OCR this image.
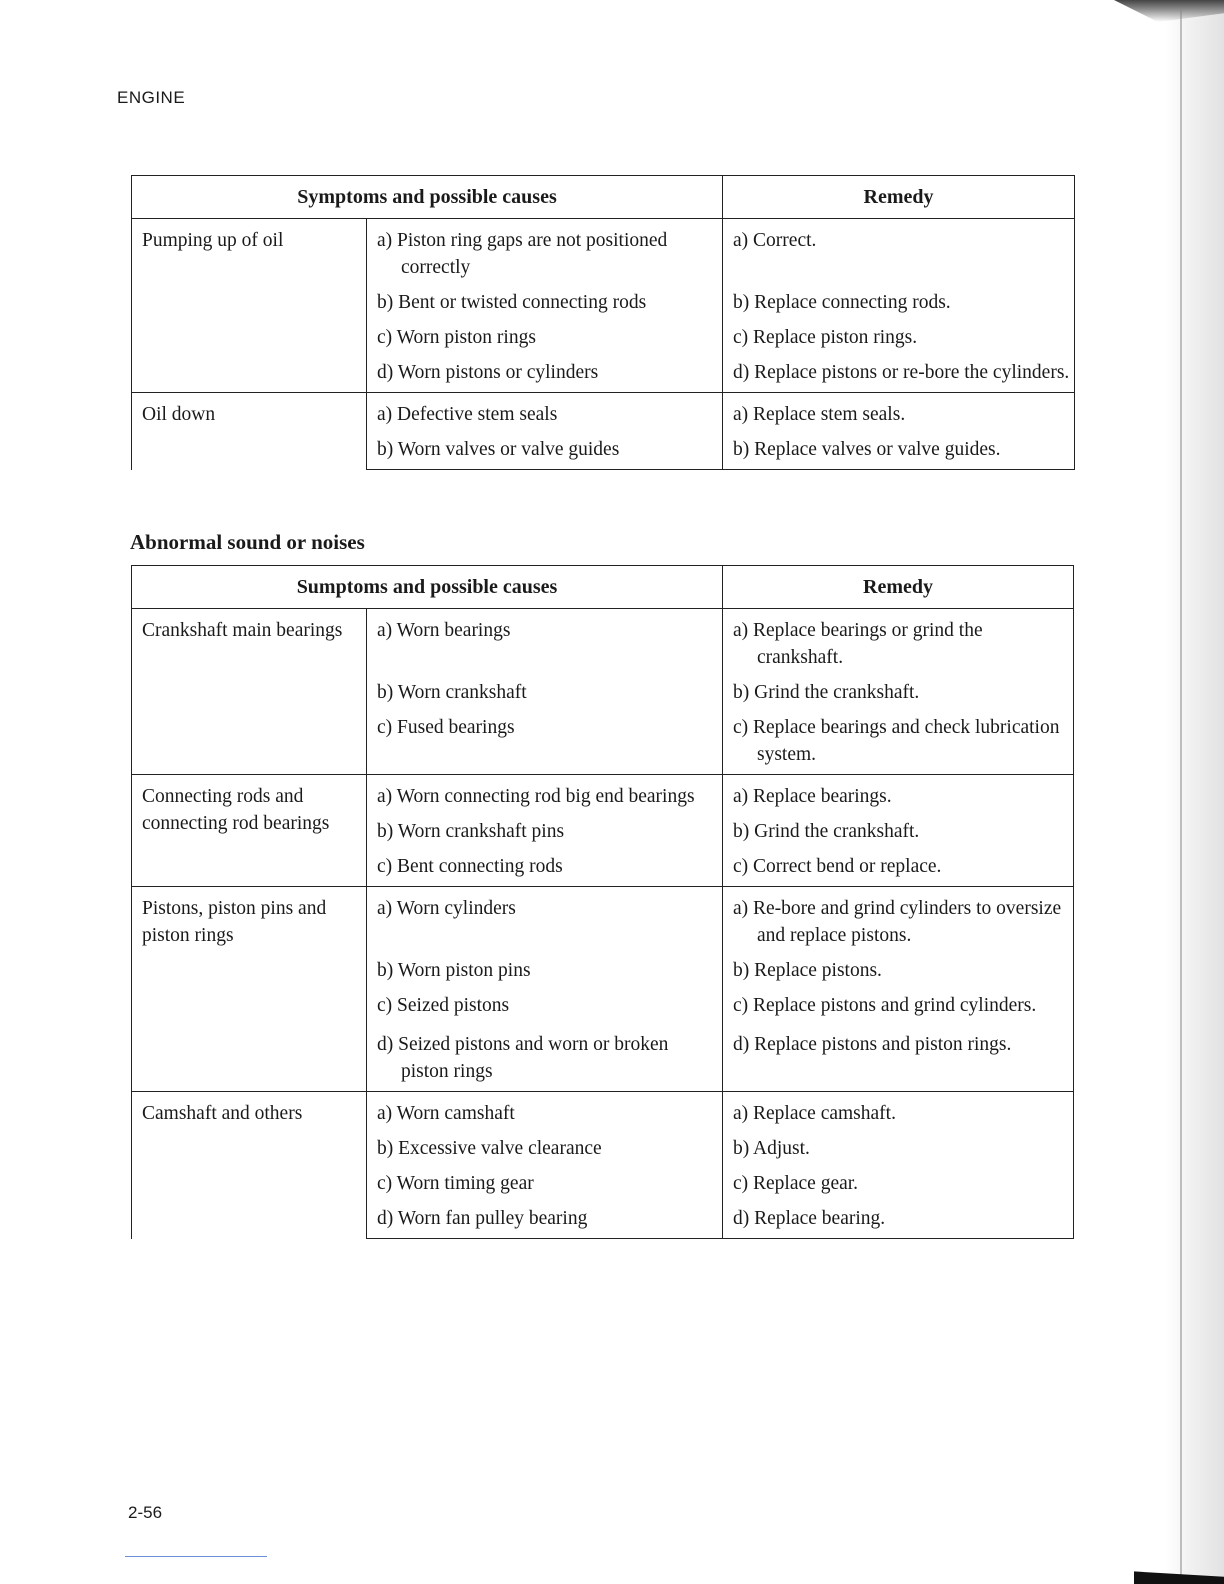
ENGINE
Symptoms and possible causes		Remedy
Pumping up of oil	a) Piston ring gaps are not positioned correctly	a) Correct.

	b) Bent or twisted connecting rods	b) Replace connecting rods.

	c) Worn piston rings	c) Replace piston rings.

	d) Worn pistons or cylinders	d) Replace pistons or re-bore the cylinders.

Oil down	a) Defective stem seals	a) Replace stem seals.

	b) Worn valves or valve guides	b) Replace valves or valve guides.
Abnormal sound or noises
Sumptoms and possible causes		Remedy
Crankshaft main bearings	a) Worn bearings	a) Replace bearings or grind the crankshaft.

	b) Worn crankshaft	b) Grind the crankshaft.

	c) Fused bearings	c) Replace bearings and check lubrication system.

Connecting rods and connecting rod bearings	a) Worn connecting rod big end bearings	a) Replace bearings.

	b) Worn crankshaft pins	b) Grind the crankshaft.

	c) Bent connecting rods	c) Correct bend or replace.

Pistons, piston pins and piston rings	a) Worn cylinders	a) Re-bore and grind cylinders to oversize and replace pistons.

	b) Worn piston pins	b) Replace pistons.

	c) Seized pistons	c) Replace pistons and grind cylinders.

	d) Seized pistons and worn or broken piston rings	d) Replace pistons and piston rings.

Camshaft and others	a) Worn camshaft	a) Replace camshaft.

	b) Excessive valve clearance	b) Adjust.

	c) Worn timing gear	c) Replace gear.

	d) Worn fan pulley bearing	d) Replace bearing.
2-56
